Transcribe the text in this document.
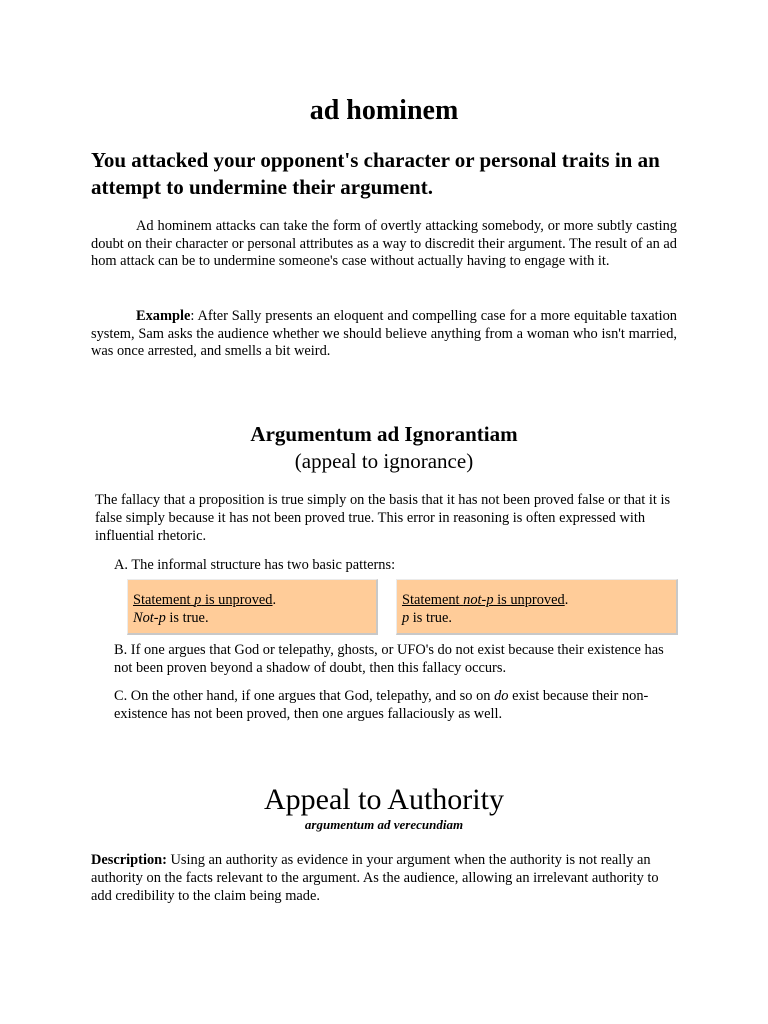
ad hominem
You attacked your opponent's character or personal traits in an attempt to undermine their argument.

Ad hominem attacks can take the form of overtly attacking somebody, or more subtly casting doubt on their character or personal attributes as a way to discredit their argument. The result of an ad hom attack can be to undermine someone's case without actually having to engage with it.

Example: After Sally presents an eloquent and compelling case for a more equitable taxation system, Sam asks the audience whether we should believe anything from a woman who isn't married, was once arrested, and smells a bit weird.

Argumentum ad Ignorantiam
(appeal to ignorance)

The fallacy that a proposition is true simply on the basis that it has not been proved false or that it is false simply because it has not been proved true. This error in reasoning is often expressed with influential rhetoric.

A. The informal structure has two basic patterns:

Statement p is unproved.
Not-p is true.
Statement not-p is unproved.
p is true.

B. If one argues that God or telepathy, ghosts, or UFO's do not exist because their existence has not been proven beyond a shadow of doubt, then this fallacy occurs.

C. On the other hand, if one argues that God, telepathy, and so on do exist because their non-existence has not been proved, then one argues fallaciously as well.

Appeal to Authority
argumentum ad verecundiam

Description: Using an authority as evidence in your argument when the authority is not really an authority on the facts relevant to the argument. As the audience, allowing an irrelevant authority to add credibility to the claim being made.
